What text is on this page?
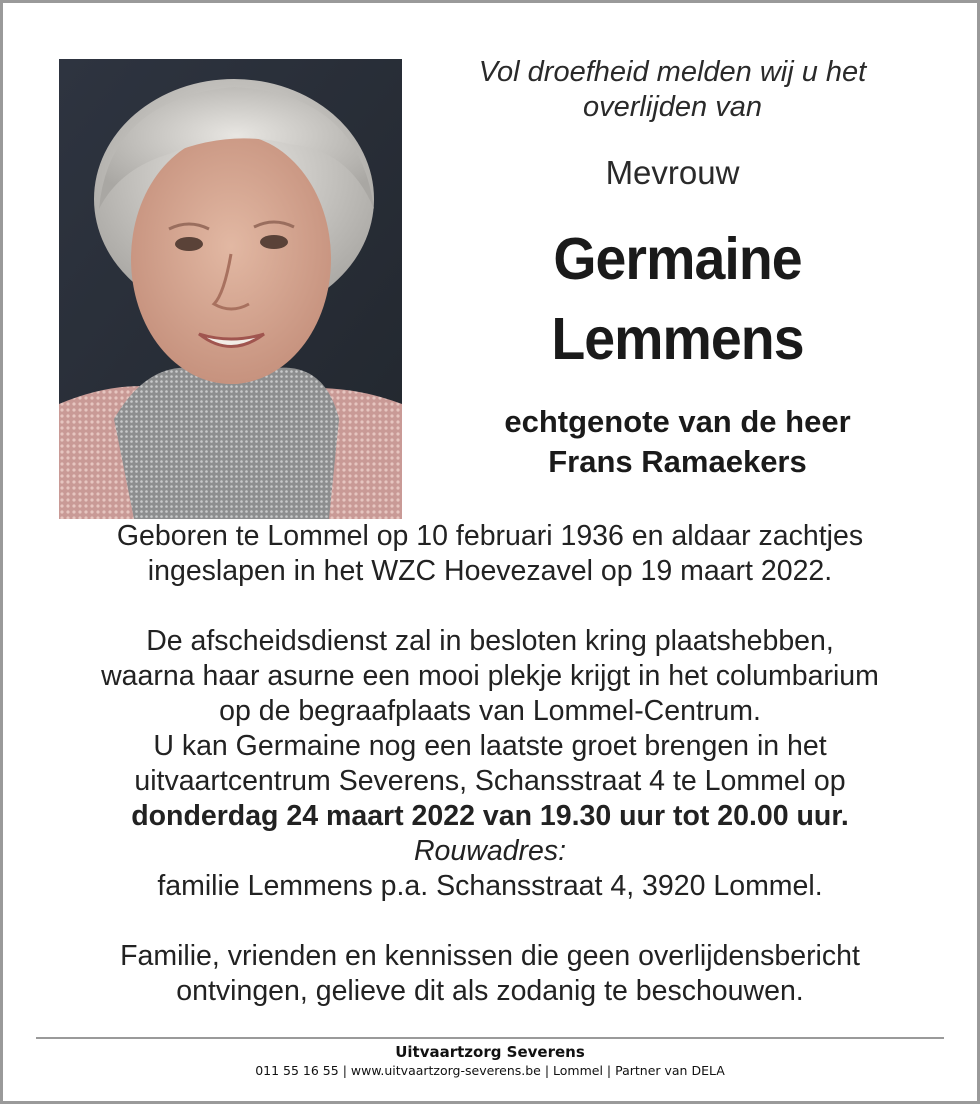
Vol droefheid melden wij u het
overlijden van
Mevrouw
Germaine
Lemmens
echtgenote van de heer
Frans Ramaekers

Geboren te Lommel op 10 februari 1936 en aldaar zachtjes

ingeslapen in het WZC Hoevezavel op 19 maart 2022.

De afscheidsdienst zal in besloten kring plaatshebben,

waarna haar asurne een mooi plekje krijgt in het columbarium

op de begraafplaats van Lommel-Centrum.

U kan Germaine nog een laatste groet brengen in het

uitvaartcentrum Severens, Schansstraat 4 te Lommel op

donderdag 24 maart 2022 van 19.30 uur tot 20.00 uur.

Rouwadres:

familie Lemmens p.a. Schansstraat 4, 3920 Lommel.

Familie, vrienden en kennissen die geen overlijdensbericht

ontvingen, gelieve dit als zodanig te beschouwen.

Uitvaartzorg Severens
011 55 16 55 | www.uitvaartzorg-severens.be | Lommel | Partner van DELA
